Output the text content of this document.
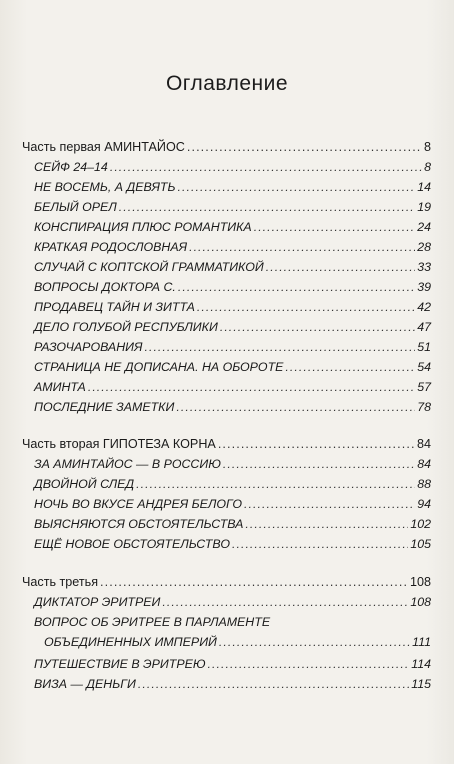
Оглавление
Часть первая АМИНТАЙОС . . .	8
СЕЙФ 24–14 . . .	8
НЕ ВОСЕМЬ, А ДЕВЯТЬ . . .	14
БЕЛЫЙ ОРЕЛ . . .	19
КОНСПИРАЦИЯ ПЛЮС РОМАНТИКА . . .	24
КРАТКАЯ РОДОСЛОВНАЯ . . .	28
СЛУЧАЙ С КОПТСКОЙ ГРАММАТИКОЙ . . .	33
ВОПРОСЫ ДОКТОРА С. . . .	39
ПРОДАВЕЦ ТАЙН И ЗИТТА . . .	42
ДЕЛО ГОЛУБОЙ РЕСПУБЛИКИ . . .	47
РАЗОЧАРОВАНИЯ . . .	51
СТРАНИЦА НЕ ДОПИСАНА. НА ОБОРОТЕ . . .	54
АМИНТА . . .	57
ПОСЛЕДНИЕ ЗАМЕТКИ . . .	78
Часть вторая ГИПОТЕЗА КОРНА . . .	84
ЗА АМИНТАЙОС — В РОССИЮ . . .	84
ДВОЙНОЙ СЛЕД . . .	88
НОЧЬ ВО ВКУСЕ АНДРЕЯ БЕЛОГО . . .	94
ВЫЯСНЯЮТСЯ ОБСТОЯТЕЛЬСТВА . . .	102
ЕЩЁ НОВОЕ ОБСТОЯТЕЛЬСТВО . . .	105
Часть третья . . .	108
ДИКТАТОР ЭРИТРЕИ . . .	108
ВОПРОС ОБ ЭРИТРЕЕ В ПАРЛАМЕНТЕ
ОБЪЕДИНЕННЫХ ИМПЕРИЙ . . .	111
ПУТЕШЕСТВИЕ В ЭРИТРЕЮ . . .	114
ВИЗА — ДЕНЬГИ . . .	115
